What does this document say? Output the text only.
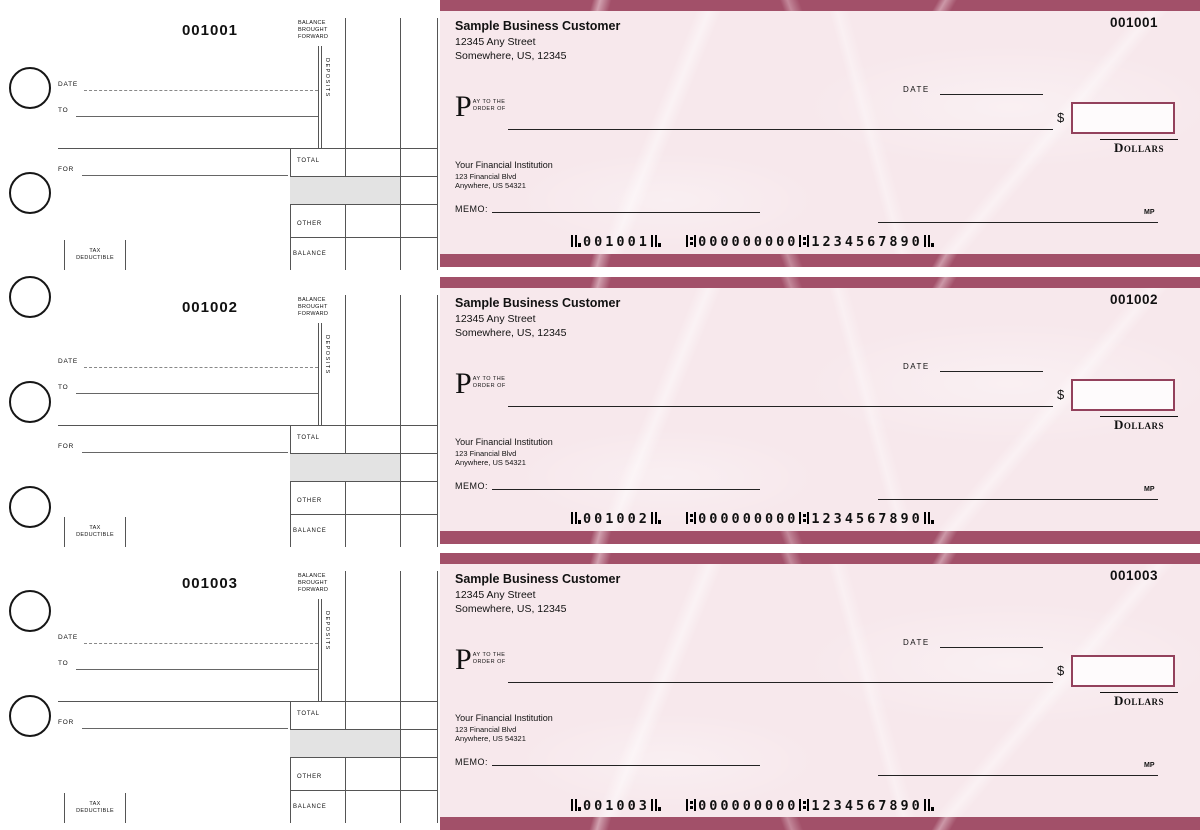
001001	BALANCE
BROUGHT
FORWARD
DEPOSITS
DATE
TO
FOR
TOTAL
OTHER
BALANCE
TAX
DEDUCTIBLE
Sample Business Customer
12345 Any Street
Somewhere, US, 12345
001001
DATE
P AY TO THE
ORDER OF
$
Dollars
Your Financial Institution
123 Financial Blvd
Anywhere, US 54321
MEMO:	MP
001001
	000000000 1234567890
001002	BALANCE
BROUGHT
FORWARD
DEPOSITS
DATE
TO
FOR
TOTAL
OTHER
BALANCE
TAX
DEDUCTIBLE
Sample Business Customer
12345 Any Street
Somewhere, US, 12345
001002
DATE
P AY TO THE
ORDER OF
$
Dollars
Your Financial Institution
123 Financial Blvd
Anywhere, US 54321
MEMO:	MP
001002
	000000000 1234567890
001003	BALANCE
BROUGHT
FORWARD
DEPOSITS
DATE
TO
FOR
TOTAL
OTHER
BALANCE
TAX
DEDUCTIBLE
Sample Business Customer
12345 Any Street
Somewhere, US, 12345
001003
DATE
P AY TO THE
ORDER OF
$
Dollars
Your Financial Institution
123 Financial Blvd
Anywhere, US 54321
MEMO:	MP
001003
	000000000 1234567890
